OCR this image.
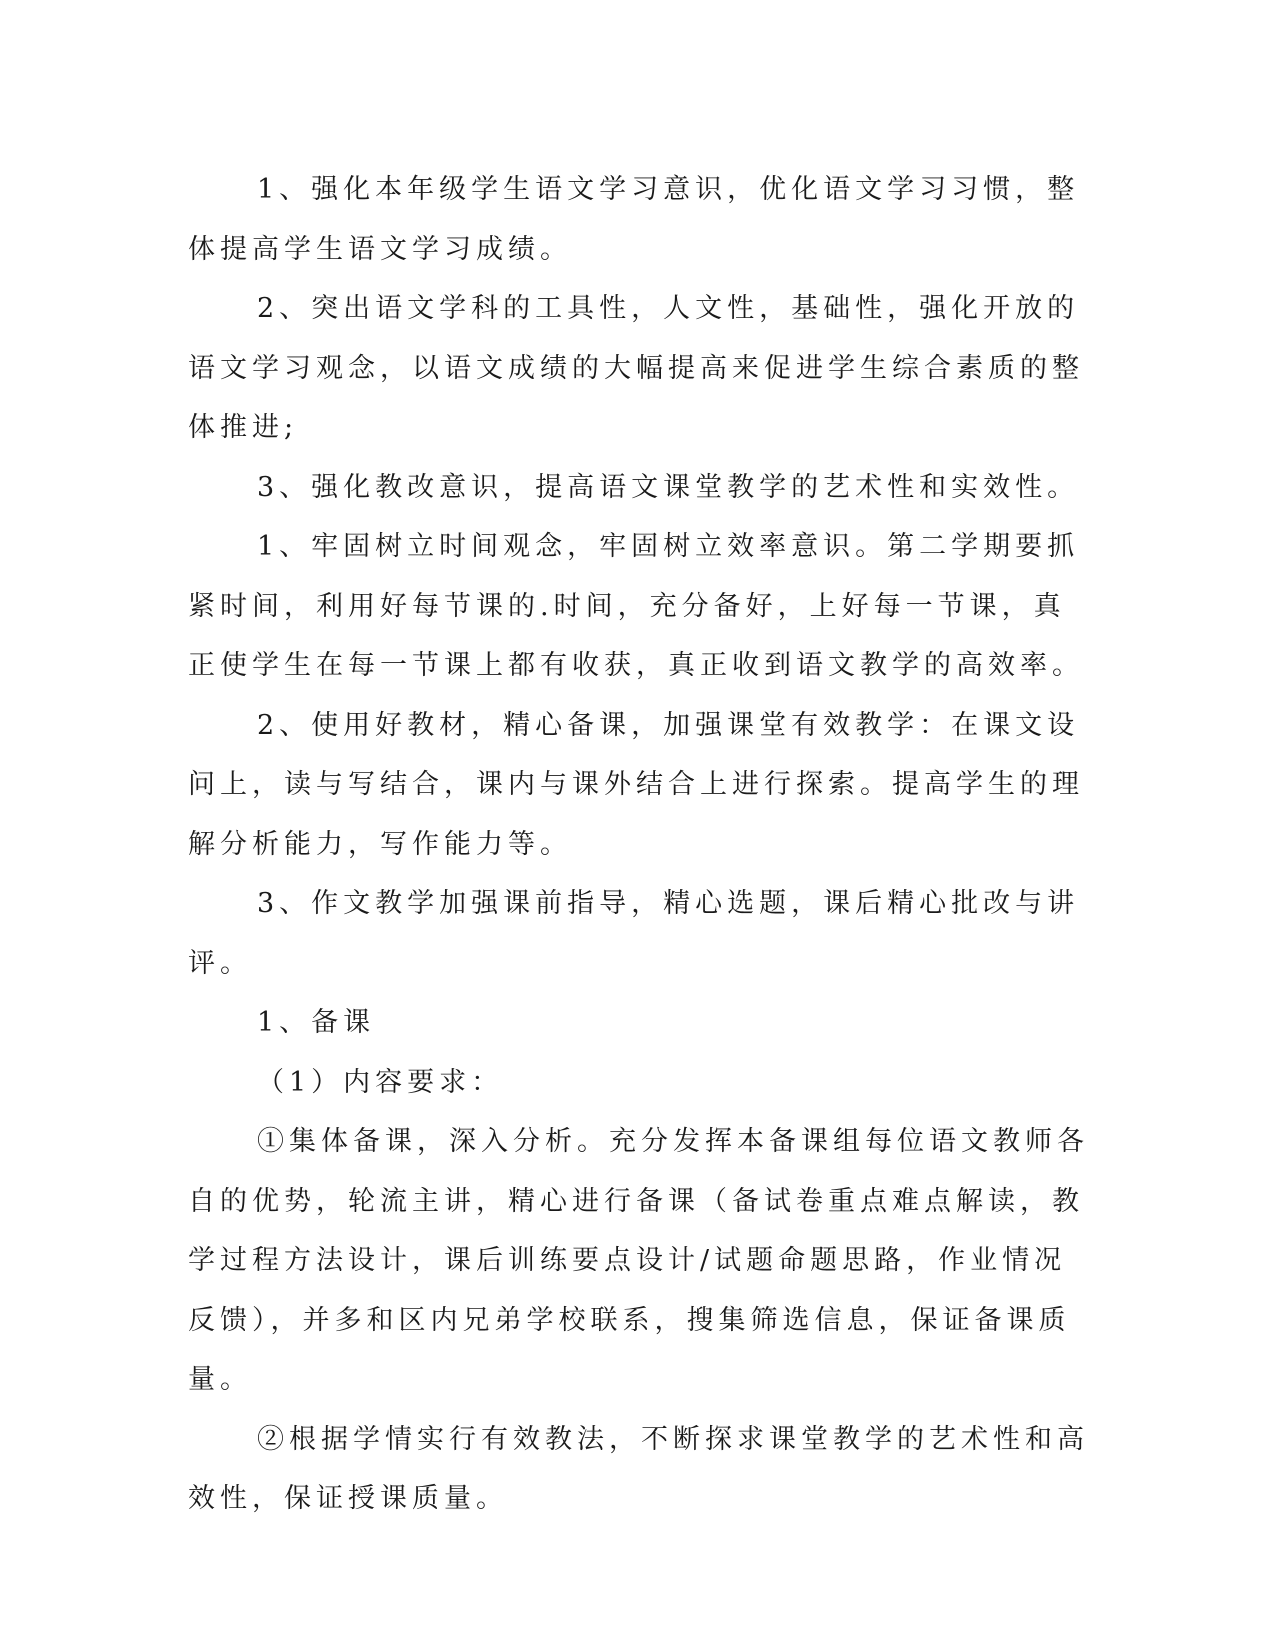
1、强化本年级学生语文学习意识，优化语文学习习惯，整体提高学生语文学习成绩。

2、突出语文学科的工具性，人文性，基础性，强化开放的语文学习观念，以语文成绩的大幅提高来促进学生综合素质的整体推进;

3、强化教改意识，提高语文课堂教学的艺术性和实效性。

1、牢固树立时间观念，牢固树立效率意识。第二学期要抓紧时间，利用好每节课的.时间，充分备好，上好每一节课，真正使学生在每一节课上都有收获，真正收到语文教学的高效率。

2、使用好教材，精心备课，加强课堂有效教学：在课文设问上，读与写结合，课内与课外结合上进行探索。提高学生的理解分析能力，写作能力等。

3、作文教学加强课前指导，精心选题，课后精心批改与讲评。

1、备课

（1）内容要求：

①集体备课，深入分析。充分发挥本备课组每位语文教师各自的优势，轮流主讲，精心进行备课（备试卷重点难点解读，教学过程方法设计，课后训练要点设计/试题命题思路，作业情况反馈），并多和区内兄弟学校联系，搜集筛选信息，保证备课质量。

②根据学情实行有效教法，不断探求课堂教学的艺术性和高效性，保证授课质量。
